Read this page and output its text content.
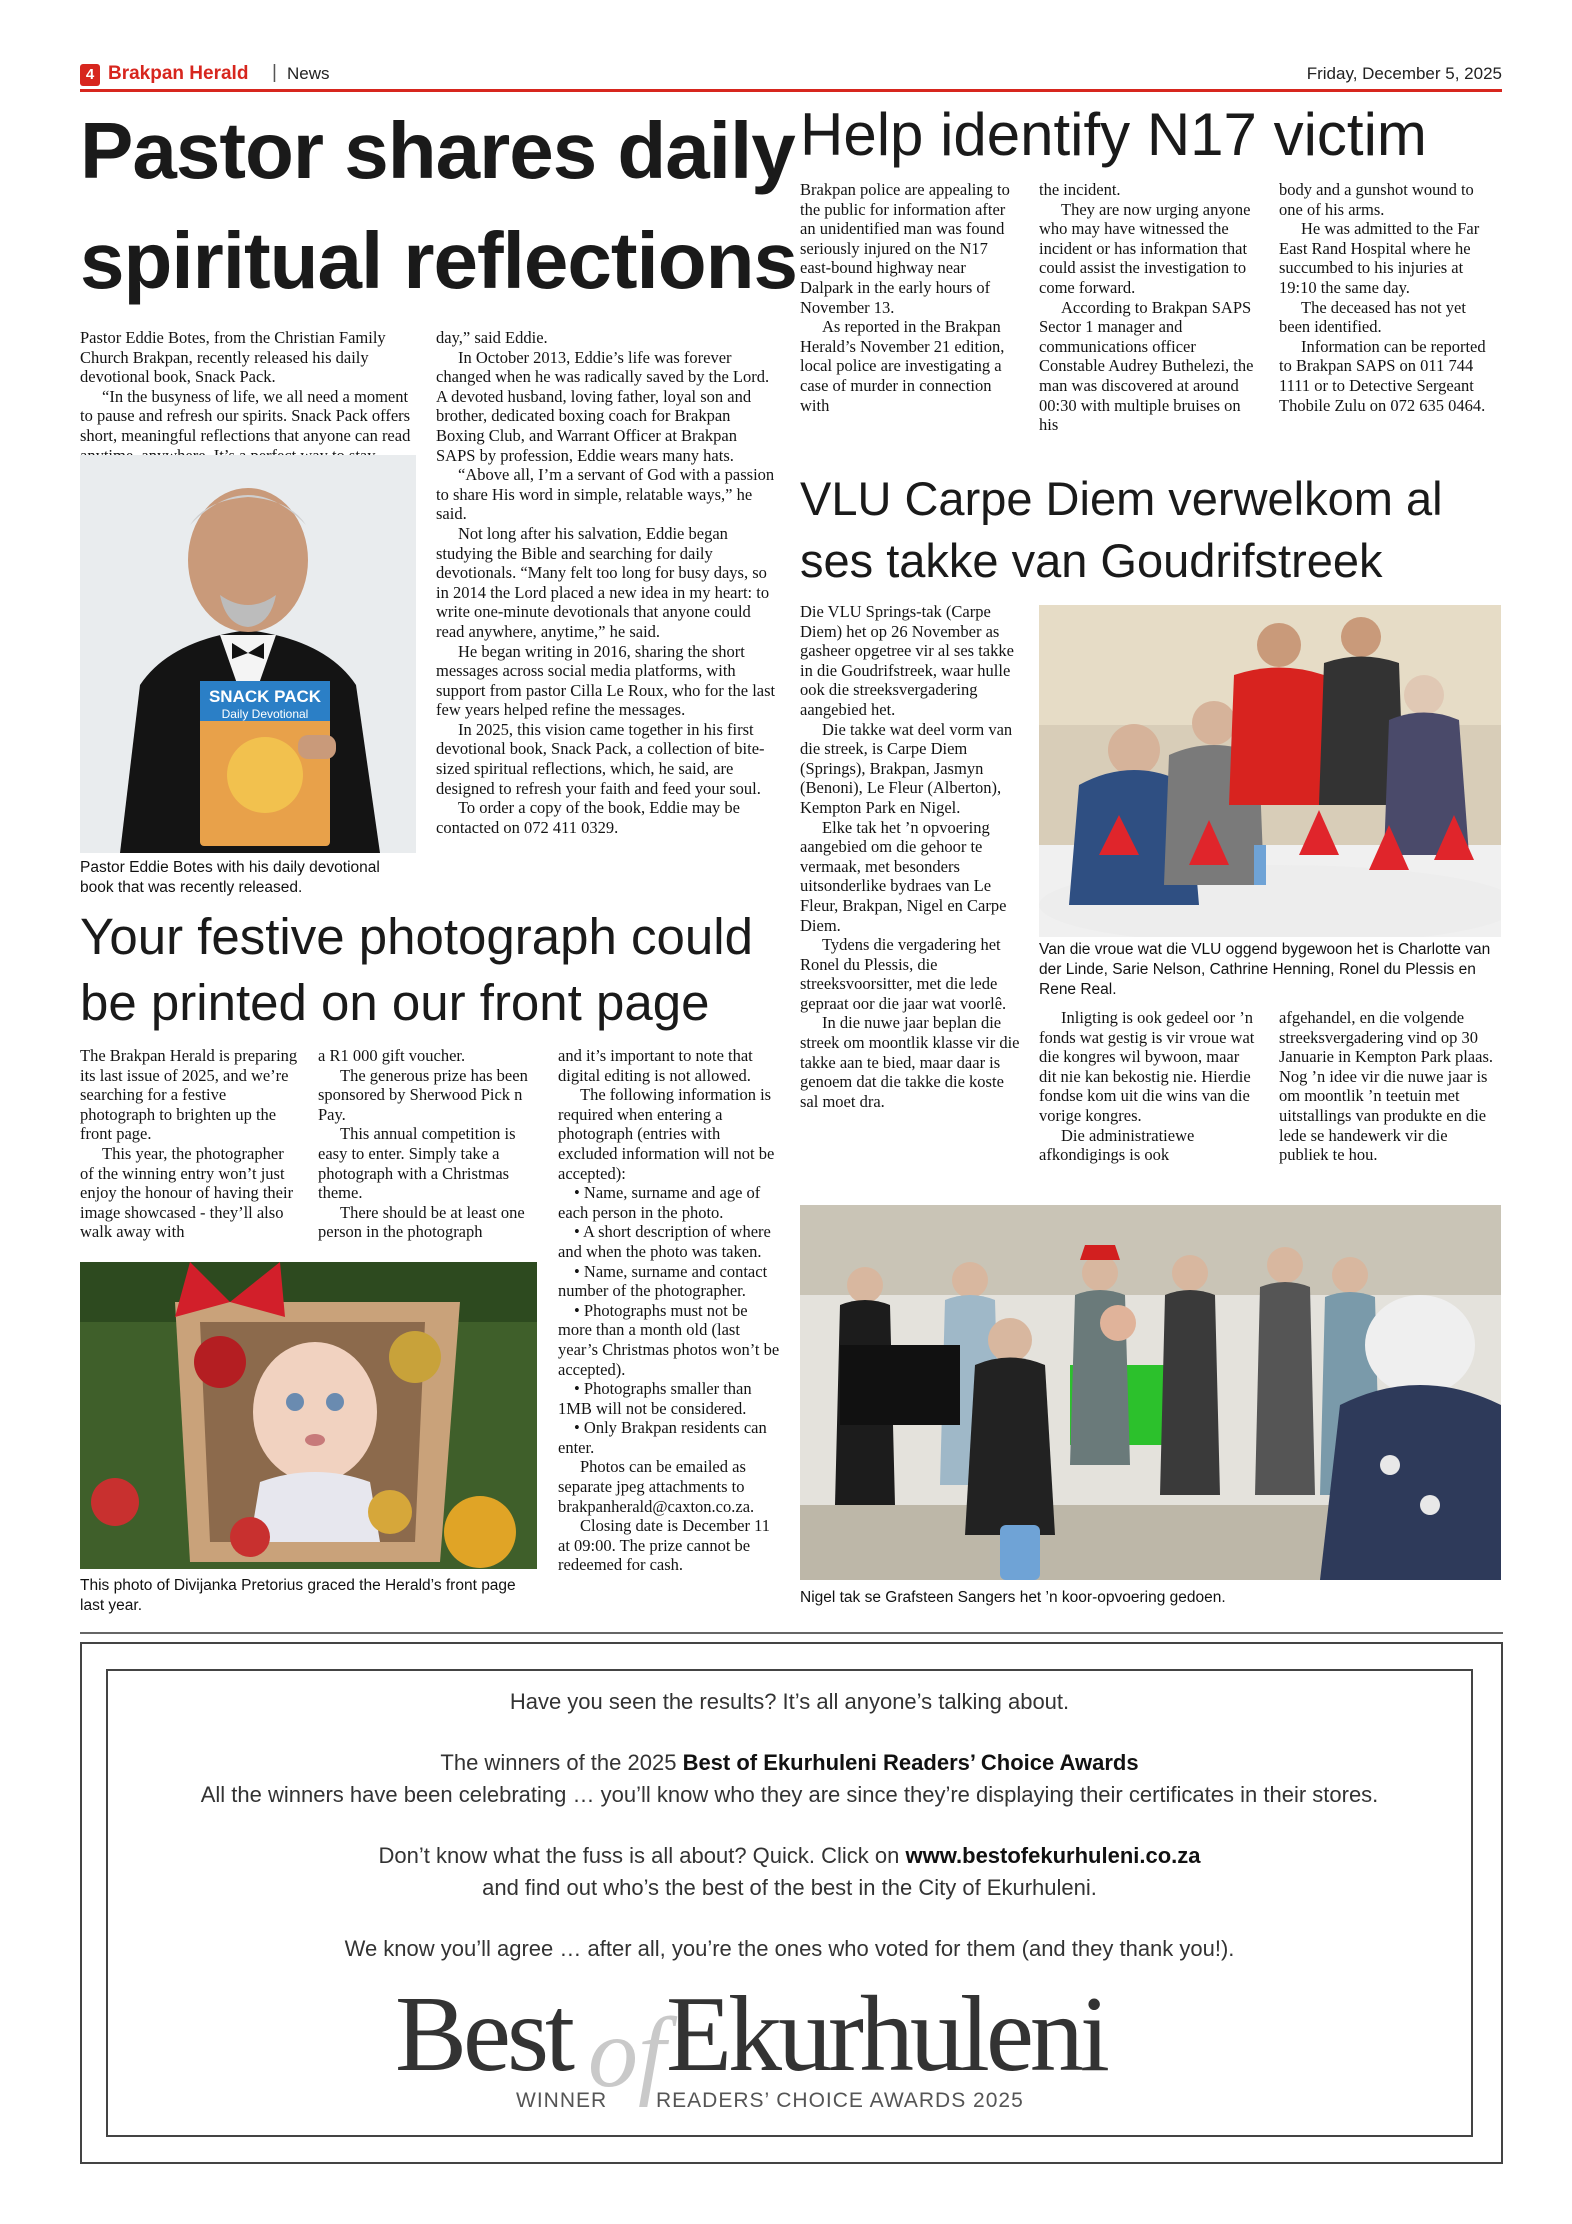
4 Brakpan Herald | News	Friday, December 5, 2025
Pastor shares daily
spiritual reflections

Pastor Eddie Botes, from the Christian Family Church Brakpan, recently released his daily devotional book, Snack Pack.

“In the busyness of life, we all need a moment to pause and refresh our spirits. Snack Pack offers short, meaningful reflections that anyone can read

SNACK PACK
Daily Devotional
Pastor Eddie Botes with his daily devotional book that was recently released.

day,” said Eddie.

In October 2013, Eddie’s life was forever changed when he was radically saved by the Lord. A devoted husband, loving father, loyal son and brother, dedicated boxing coach for Brakpan Boxing Club, and Warrant Officer at Brakpan SAPS by profession, Eddie wears many hats.

“Above all, I’m a servant of God with a passion to share His word in simple, relatable ways,” he said.

Not long after his salvation, Eddie began studying the Bible and searching for daily devotionals. “Many felt too long for busy days, so in 2014 the Lord placed a new idea in my heart: to write one-minute devotionals that anyone could read anywhere, anytime,” he said.

He began writing in 2016, sharing the short messages across social media platforms, with support from pastor Cilla Le Roux, who for the last few years helped refine the messages.

In 2025, this vision came together in his first devotional book, Snack Pack, a collection of bite-sized spiritual reflections, which, he said, are designed to refresh your faith and feed your soul.

To order a copy of the book, Eddie may be contacted on 072 411 0329.

Your festive photograph could
be printed on our front page

The Brakpan Herald is preparing its last issue of 2025, and we’re searching for a festive photograph to brighten up the front page.

This year, the photographer of the winning entry won’t just enjoy the honour of having their image showcased - they’ll also walk away with

a R1 000 gift voucher.

The generous prize has been sponsored by Sherwood Pick n Pay.

This annual competition is easy to enter. Simply take a photograph with a Christmas theme.

There should be at least one person in the photograph

This photo of Divijanka Pretorius graced the Herald’s front page last year.

and it’s important to note that digital editing is not allowed.

The following information is required when entering a photograph (entries with excluded information will not be accepted):

• Name, surname and age of each person in the photo.

• A short description of where and when the photo was taken.

• Name, surname and contact number of the photographer.

• Photographs must not be more than a month old (last year’s Christmas photos won’t be accepted).

• Photographs smaller than 1MB will not be considered.

• Only Brakpan residents can enter.

Photos can be emailed as separate jpeg attachments to brakpanherald@caxton.co.za.

Closing date is December 11 at 09:00. The prize cannot be redeemed for cash.

Help identify N17 victim

Brakpan police are appealing to the public for information after an unidentified man was found seriously injured on the N17 east-bound highway near Dalpark in the early hours of November 13.

As reported in the Brakpan Herald’s November 21 edition, local police are investigating a case of murder in connection with

the incident.

They are now urging anyone who may have witnessed the incident or has information that could assist the investigation to come forward.

According to Brakpan SAPS Sector 1 manager and communications officer Constable Audrey Buthelezi, the man was discovered at around 00:30 with multiple bruises on his

body and a gunshot wound to one of his arms.

He was admitted to the Far East Rand Hospital where he succumbed to his injuries at 19:10 the same day.

The deceased has not yet been identified.

Information can be reported to Brakpan SAPS on 011 744 1111 or to Detective Sergeant Thobile Zulu on 072 635 0464.

VLU Carpe Diem verwelkom al
ses takke van Goudrifstreek

Die VLU Springs-tak (Carpe Diem) het op 26 November as gasheer opgetree vir al ses takke in die Goudrifstreek, waar hulle ook die streeksvergadering aangebied het.

Die takke wat deel vorm van die streek, is Carpe Diem (Springs), Brakpan, Jasmyn (Benoni), Le Fleur (Alberton), Kempton Park en Nigel.

Elke tak het ’n opvoering aangebied om die gehoor te vermaak, met besonders uitsonderlike bydraes van Le Fleur, Brakpan, Nigel en Carpe Diem.

Tydens die vergadering het Ronel du Plessis, die streeksvoorsitter, met die lede gepraat oor die jaar wat voorlê.

In die nuwe jaar beplan die streek om moontlik klasse vir die takke aan te bied, maar daar is genoem dat die takke die koste sal moet dra.

Van die vroue wat die VLU oggend bygewoon het is Charlotte van der Linde, Sarie Nelson, Cathrine Henning, Ronel du Plessis en Rene Real.

Inligting is ook gedeel oor ’n fonds wat gestig is vir vroue wat die kongres wil bywoon, maar dit nie kan bekostig nie. Hierdie fondse kom uit die wins van die vorige kongres.

Die administratiewe afkondigings is ook

afgehandel, en die volgende streeksvergadering vind op 30 Januarie in Kempton Park plaas. Nog ’n idee vir die nuwe jaar is om moontlik ’n teetuin met uitstallings van produkte en die lede se handewerk vir die publiek te hou.

Nigel tak se Grafsteen Sangers het ’n koor-opvoering gedoen.
Have you seen the results? It’s all anyone’s talking about.
The winners of the 2025 Best of Ekurhuleni Readers’ Choice Awards
All the winners have been celebrating … you’ll know who they are since they’re displaying their certificates in their stores.
Don’t know what the fuss is all about? Quick. Click on www.bestofekurhuleni.co.za
and find out who’s the best of the best in the City of Ekurhuleni.
We know you’ll agree … after all, you’re the ones who voted for them (and they thank you!).
Best of Ekurhuleni
WINNER READERS’ CHOICE AWARDS 2025
